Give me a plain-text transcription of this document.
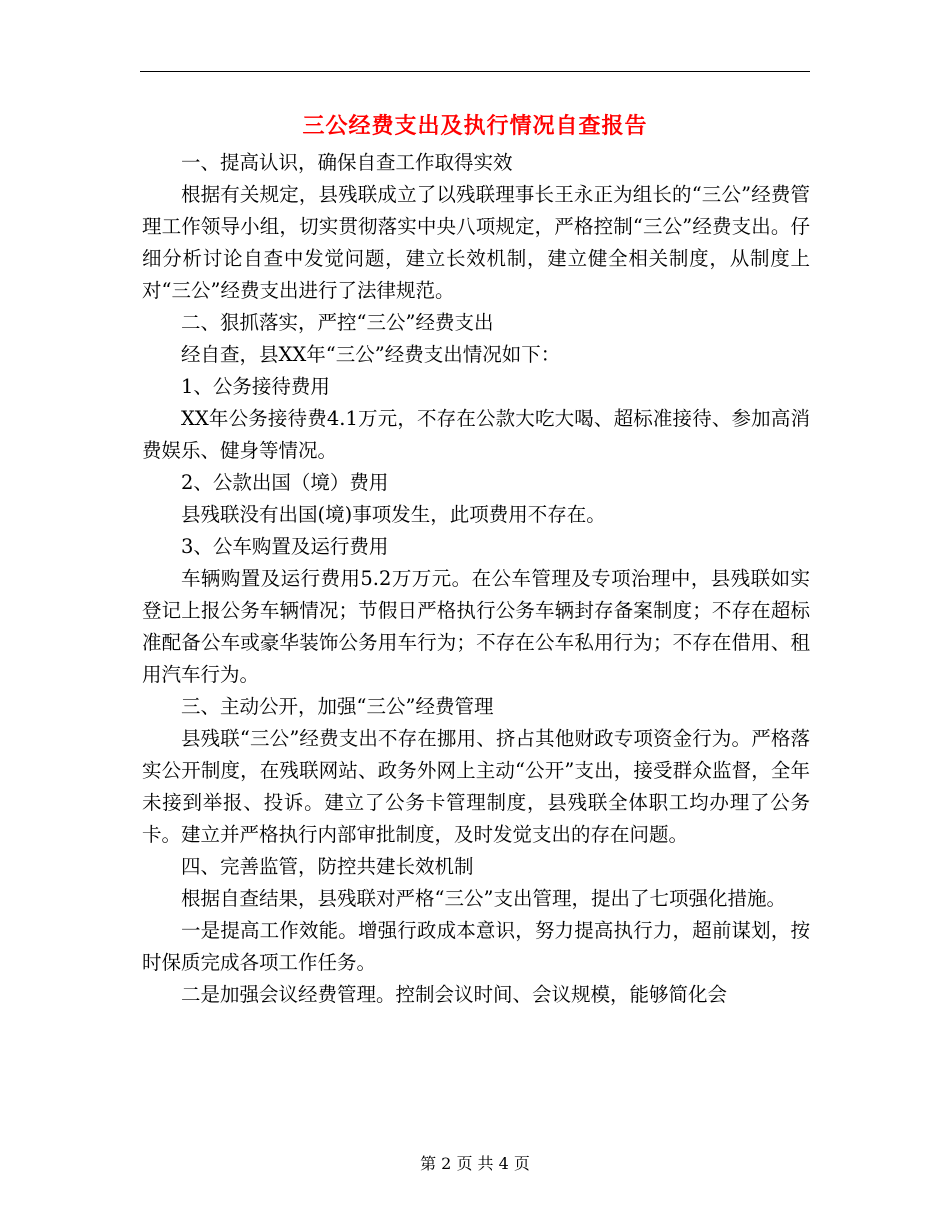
三公经费支出及执行情况自查报告

一、提高认识，确保自查工作取得实效

根据有关规定，县残联成立了以残联理事长王永正为组长的“三公”经费管理工作领导小组，切实贯彻落实中央八项规定，严格控制“三公”经费支出。仔细分析讨论自查中发觉问题，建立长效机制，建立健全相关制度，从制度上对“三公”经费支出进行了法律规范。

二、狠抓落实，严控“三公”经费支出

经自查，县XX年“三公”经费支出情况如下：

1、公务接待费用

XX年公务接待费4.1万元，不存在公款大吃大喝、超标准接待、参加高消费娱乐、健身等情况。

2、公款出国（境）费用

县残联没有出国(境)事项发生，此项费用不存在。

3、公车购置及运行费用

车辆购置及运行费用5.2万万元。在公车管理及专项治理中，县残联如实登记上报公务车辆情况；节假日严格执行公务车辆封存备案制度；不存在超标准配备公车或豪华装饰公务用车行为；不存在公车私用行为；不存在借用、租用汽车行为。

三、主动公开，加强“三公”经费管理

县残联“三公”经费支出不存在挪用、挤占其他财政专项资金行为。严格落实公开制度，在残联网站、政务外网上主动“公开”支出，接受群众监督，全年未接到举报、投诉。建立了公务卡管理制度，县残联全体职工均办理了公务卡。建立并严格执行内部审批制度，及时发觉支出的存在问题。

四、完善监管，防控共建长效机制

根据自查结果，县残联对严格“三公”支出管理，提出了七项强化措施。

一是提高工作效能。增强行政成本意识，努力提高执行力，超前谋划，按时保质完成各项工作任务。

二是加强会议经费管理。控制会议时间、会议规模，能够简化会

第 2 页 共 4 页
